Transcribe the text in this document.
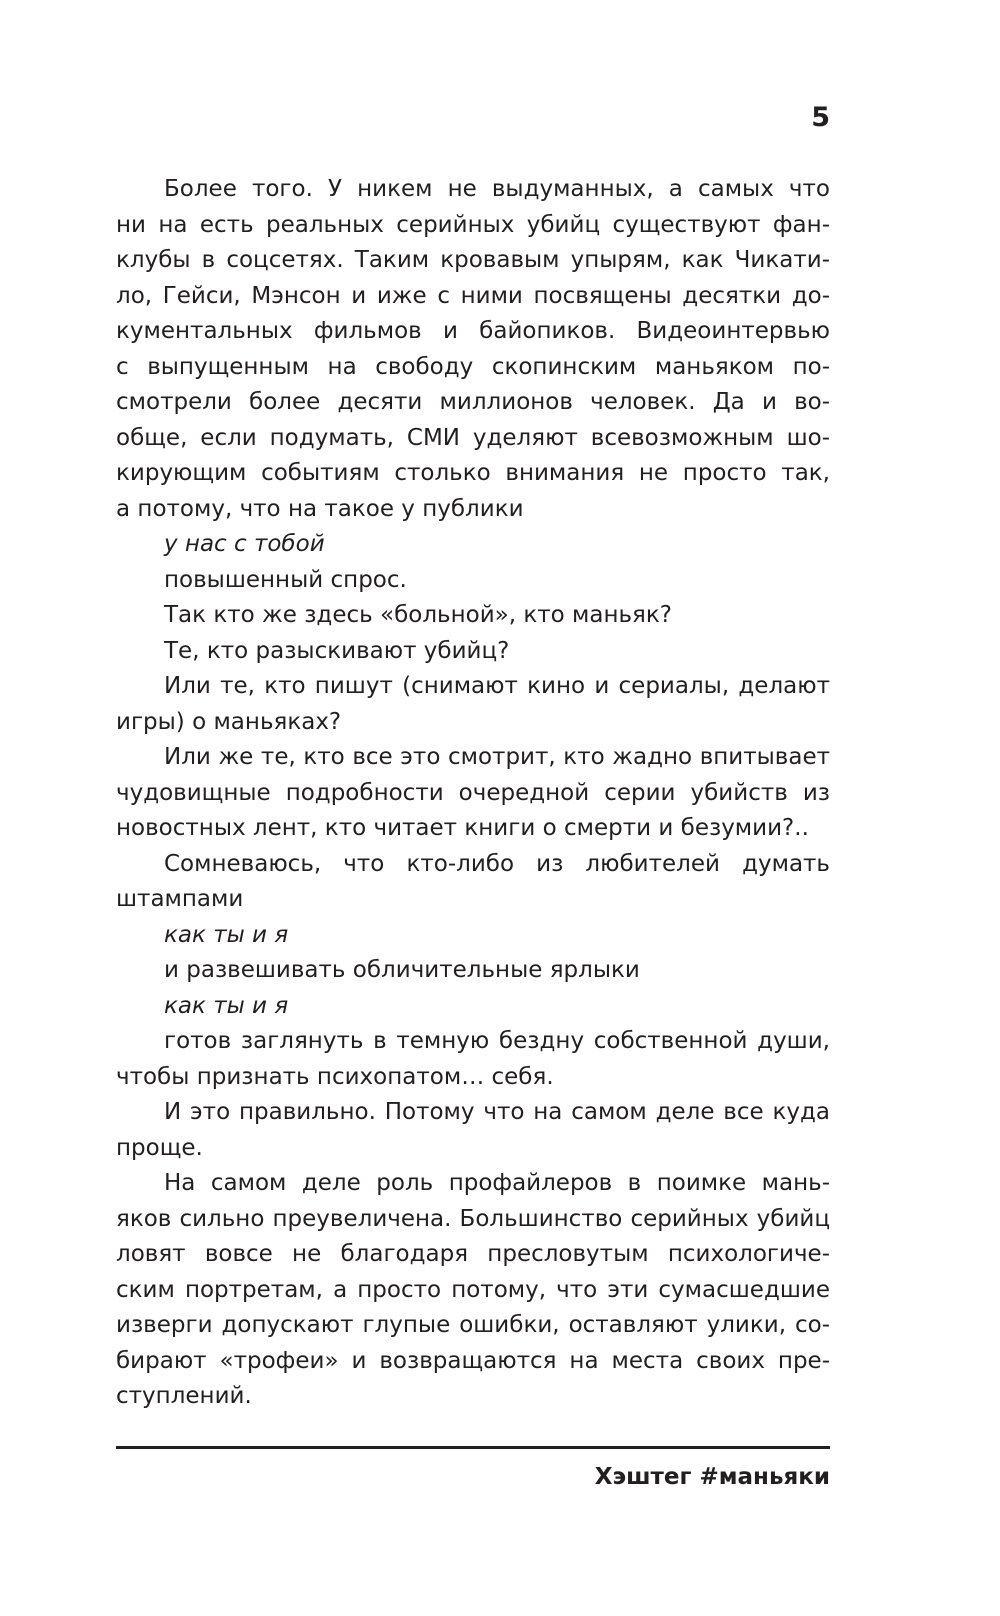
5
Более того. У никем не выдуманных, а самых что
ни на есть реальных серийных убийц существуют фан-
клубы в соцсетях. Таким кровавым упырям, как Чикати-
ло, Гейси, Мэнсон и иже с ними посвящены десятки до-
кументальных фильмов и байопиков. Видеоинтервью
с выпущенным на свободу скопинским маньяком по-
смотрели более десяти миллионов человек. Да и во-
обще, если подумать, СМИ уделяют всевозможным шо-
кирующим событиям столько внимания не просто так,
а потому, что на такое у публики
у нас с тобой
повышенный спрос.
Так кто же здесь «больной», кто маньяк?
Те, кто разыскивают убийц?
Или те, кто пишут (снимают кино и сериалы, делают
игры) о маньяках?
Или же те, кто все это смотрит, кто жадно впитывает
чудовищные подробности очередной серии убийств из
новостных лент, кто читает книги о смерти и безумии?..
Сомневаюсь, что кто-либо из любителей думать
штампами
как ты и я
и развешивать обличительные ярлыки
как ты и я
готов заглянуть в темную бездну собственной души,
чтобы признать психопатом… себя.
И это правильно. Потому что на самом деле все куда
проще.
На самом деле роль профайлеров в поимке мань-
яков сильно преувеличена. Большинство серийных убийц
ловят вовсе не благодаря пресловутым психологиче-
ским портретам, а просто потому, что эти сумасшедшие
изверги допускают глупые ошибки, оставляют улики, со-
бирают «трофеи» и возвращаются на места своих пре-
ступлений.
Хэштег #маньяки
